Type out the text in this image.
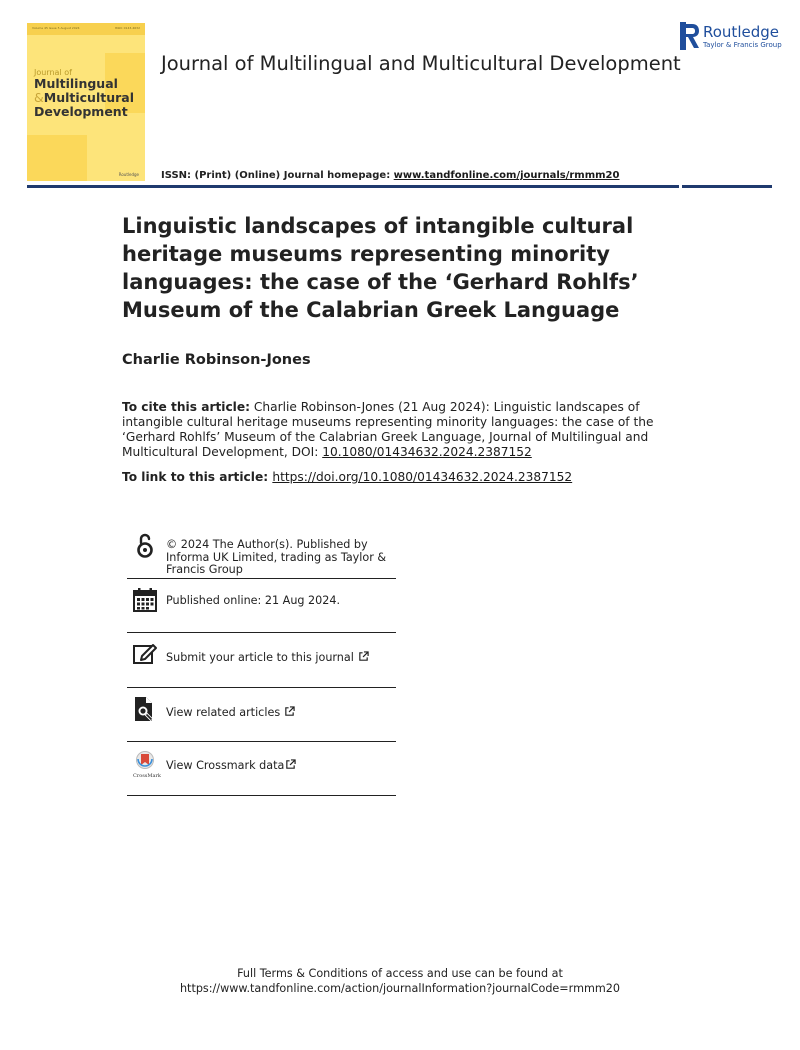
Volume 45 Issue 5 August 2024	ISSN: 0143-4632
Journal of
Multilingual
&Multicultural
Development
Routledge
Journal of Multilingual and Multicultural Development
ISSN: (Print) (Online) Journal homepage: www.tandfonline.com/journals/rmmm20
Routledge
Taylor & Francis Group
Linguistic landscapes of intangible cultural heritage museums representing minority languages: the case of the ‘Gerhard Rohlfs’ Museum of the Calabrian Greek Language
Charlie Robinson-Jones
To cite this article: Charlie Robinson-Jones (21 Aug 2024): Linguistic landscapes of intangible cultural heritage museums representing minority languages: the case of the ‘Gerhard Rohlfs’ Museum of the Calabrian Greek Language, Journal of Multilingual and Multicultural Development, DOI: 10.1080/01434632.2024.2387152
To link to this article: https://doi.org/10.1080/01434632.2024.2387152
© 2024 The Author(s). Published by Informa UK Limited, trading as Taylor & Francis Group
Published online: 21 Aug 2024.
Submit your article to this journal
View related articles
CrossMark
View Crossmark data
Full Terms & Conditions of access and use can be found at
https://www.tandfonline.com/action/journalInformation?journalCode=rmmm20
